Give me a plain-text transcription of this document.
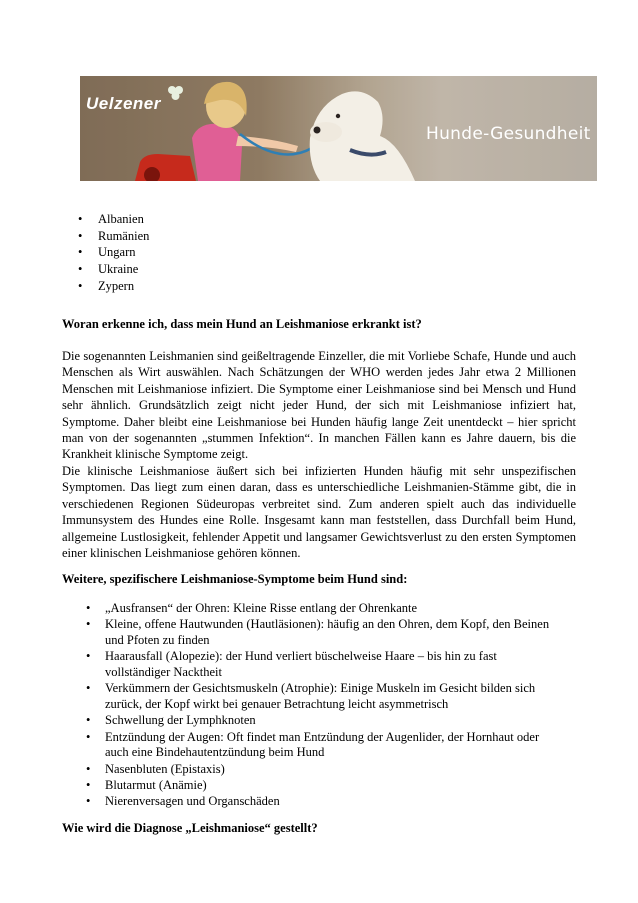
Uelzener
Hunde-Gesundheit
• Albanien
• Rumänien
• Ungarn
• Ukraine
• Zypern
Woran erkenne ich, dass mein Hund an Leishmaniose erkrankt ist?

Die sogenannten Leishmanien sind geißeltragende Einzeller, die mit Vorliebe Schafe, Hunde und auch Menschen als Wirt auswählen. Nach Schätzungen der WHO werden jedes Jahr etwa 2 Millionen Menschen mit Leishmaniose infiziert. Die Symptome einer Leishmaniose sind bei Mensch und Hund sehr ähnlich. Grundsätzlich zeigt nicht jeder Hund, der sich mit Leishmaniose infiziert hat, Symptome. Daher bleibt eine Leishmaniose bei Hunden häufig lange Zeit unentdeckt – hier spricht man von der sogenannten „stummen Infektion“. In manchen Fällen kann es Jahre dauern, bis die Krankheit klinische Symptome zeigt.

Die klinische Leishmaniose äußert sich bei infizierten Hunden häufig mit sehr unspezifischen Symptomen. Das liegt zum einen daran, dass es unterschiedliche Leishmanien-Stämme gibt, die in verschiedenen Regionen Südeuropas verbreitet sind. Zum anderen spielt auch das individuelle Immunsystem des Hundes eine Rolle. Insgesamt kann man feststellen, dass Durchfall beim Hund, allgemeine Lustlosigkeit, fehlender Appetit und langsamer Gewichtsverlust zu den ersten Symptomen einer klinischen Leishmaniose gehören können.

Weitere, spezifischere Leishmaniose-Symptome beim Hund sind:
• „Ausfransen“ der Ohren: Kleine Risse entlang der Ohrenkante
• Kleine, offene Hautwunden (Hautläsionen): häufig an den Ohren, dem Kopf, den Beinen und Pfoten zu finden
• Haarausfall (Alopezie): der Hund verliert büschelweise Haare – bis hin zu fast vollständiger Nacktheit
• Verkümmern der Gesichtsmuskeln (Atrophie): Einige Muskeln im Gesicht bilden sich zurück, der Kopf wirkt bei genauer Betrachtung leicht asymmetrisch
• Schwellung der Lymphknoten
• Entzündung der Augen: Oft findet man Entzündung der Augenlider, der Hornhaut oder auch eine Bindehautentzündung beim Hund
• Nasenbluten (Epistaxis)
• Blutarmut (Anämie)
• Nierenversagen und Organschäden
Wie wird die Diagnose „Leishmaniose“ gestellt?
